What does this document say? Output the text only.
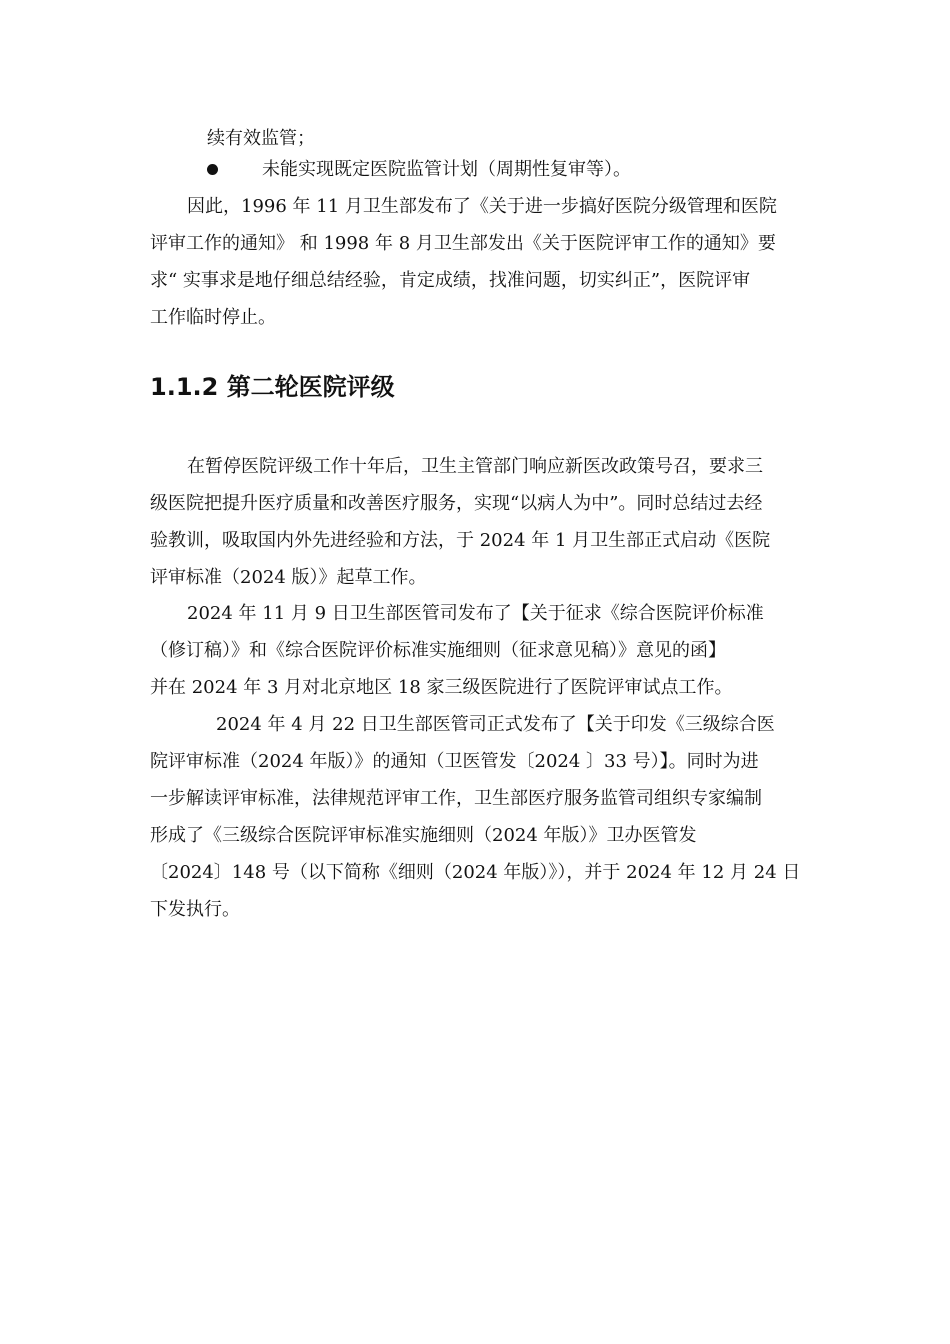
续有效监管；
未能实现既定医院监管计划（周期性复审等）。
因此，1996 年 11 月卫生部发布了《关于进一步搞好医院分级管理和医院
评审工作的通知》 和 1998 年 8 月卫生部发出《关于医院评审工作的通知》要
求“ 实事求是地仔细总结经验，肯定成绩，找准问题，切实纠正”，医院评审
工作临时停止。
1.1.2 第二轮医院评级
在暂停医院评级工作十年后，卫生主管部门响应新医改政策号召，要求三
级医院把提升医疗质量和改善医疗服务，实现“以病人为中”。同时总结过去经
验教训，吸取国内外先进经验和方法，于 2024 年 1 月卫生部正式启动《医院
评审标准（2024 版）》起草工作。
2024 年 11 月 9 日卫生部医管司发布了【关于征求《综合医院评价标准
（修订稿）》和《综合医院评价标准实施细则（征求意见稿）》意见的函】
并在 2024 年 3 月对北京地区 18 家三级医院进行了医院评审试点工作。
2024 年 4 月 22 日卫生部医管司正式发布了【关于印发《三级综合医
院评审标准（2024 年版）》的通知（卫医管发〔2024 〕33 号）】。同时为进
一步解读评审标准，法律规范评审工作，卫生部医疗服务监管司组织专家编制
形成了《三级综合医院评审标准实施细则（2024 年版）》卫办医管发
〔2024〕148 号（以下简称《细则（2024 年版）》），并于 2024 年 12 月 24 日
下发执行。
